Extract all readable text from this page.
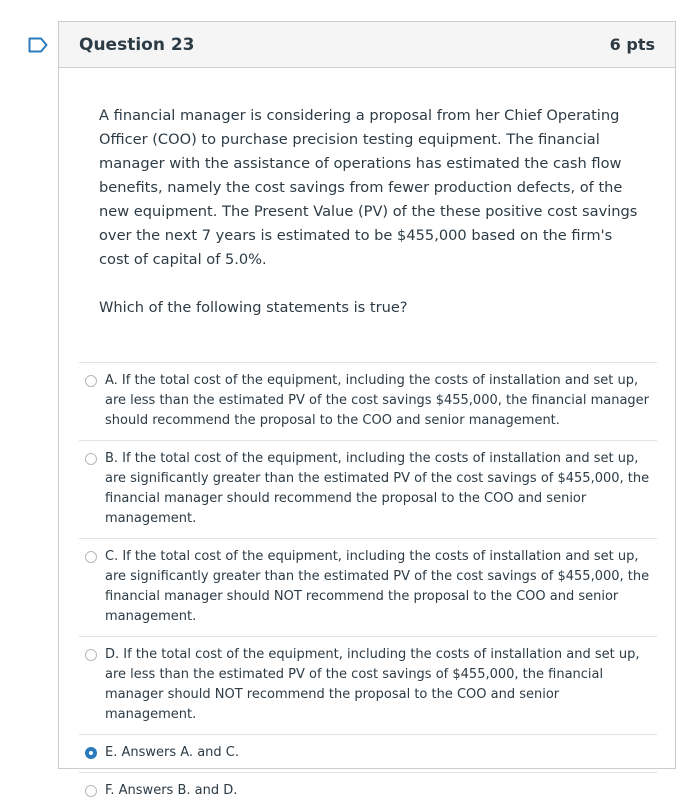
Question 23	6 pts

A financial manager is considering a proposal from her Chief Operating Officer (COO) to purchase precision testing equipment. The financial manager with the assistance of operations has estimated the cash flow benefits, namely the cost savings from fewer production defects, of the new equipment. The Present Value (PV) of the these positive cost savings over the next 7 years is estimated to be $455,000 based on the firm's cost of capital of 5.0%.

Which of the following statements is true?
A. If the total cost of the equipment, including the costs of installation and set up, are less than the estimated PV of the cost savings $455,000, the financial manager should recommend the proposal to the COO and senior management.
B. If the total cost of the equipment, including the costs of installation and set up, are significantly greater than the estimated PV of the cost savings of $455,000, the financial manager should recommend the proposal to the COO and senior management.
C. If the total cost of the equipment, including the costs of installation and set up, are significantly greater than the estimated PV of the cost savings of $455,000, the financial manager should NOT recommend the proposal to the COO and senior management.
D. If the total cost of the equipment, including the costs of installation and set up, are less than the estimated PV of the cost savings of $455,000, the financial manager should NOT recommend the proposal to the COO and senior management.
E. Answers A. and C.
F. Answers B. and D.
